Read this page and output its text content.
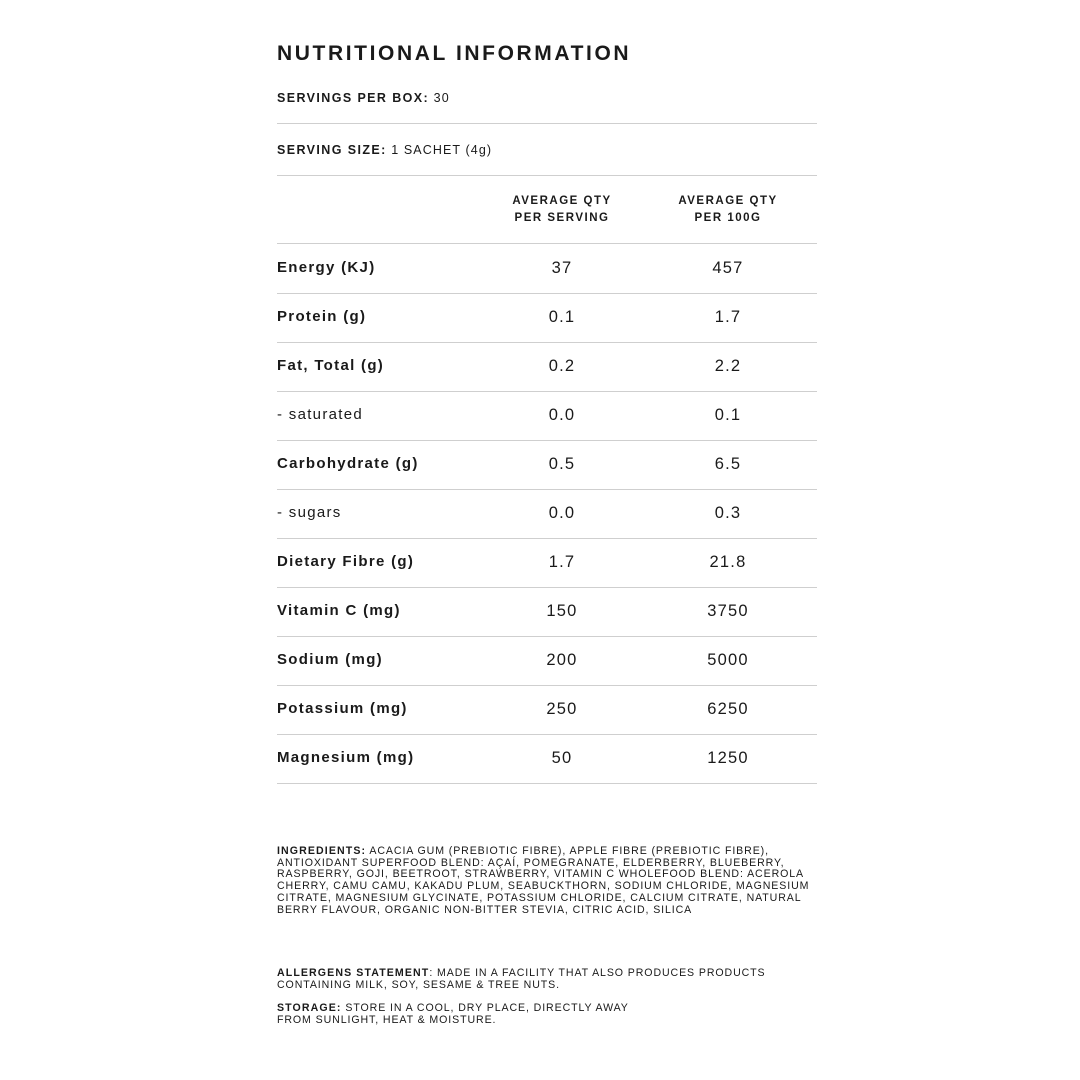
NUTRITIONAL INFORMATION
SERVINGS PER BOX: 30
SERVING SIZE: 1 SACHET (4g)
AVERAGE QTY
PER SERVING
AVERAGE QTY
PER 100G
Energy (KJ)	37	457
Protein (g)	0.1	1.7
Fat, Total (g)	0.2	2.2
- saturated	0.0	0.1
Carbohydrate (g)	0.5	6.5
- sugars	0.0	0.3
Dietary Fibre (g)	1.7	21.8
Vitamin C (mg)	150	3750
Sodium (mg)	200	5000
Potassium (mg)	250	6250
Magnesium (mg)	50	1250
INGREDIENTS: ACACIA GUM (PREBIOTIC FIBRE), APPLE FIBRE (PREBIOTIC FIBRE),
ANTIOXIDANT SUPERFOOD BLEND: AÇAÍ, POMEGRANATE, ELDERBERRY, BLUEBERRY,
RASPBERRY, GOJI, BEETROOT, STRAWBERRY, VITAMIN C WHOLEFOOD BLEND: ACEROLA
CHERRY, CAMU CAMU, KAKADU PLUM, SEABUCKTHORN, SODIUM CHLORIDE, MAGNESIUM
CITRATE, MAGNESIUM GLYCINATE, POTASSIUM CHLORIDE, CALCIUM CITRATE, NATURAL
BERRY FLAVOUR, ORGANIC NON-BITTER STEVIA, CITRIC ACID, SILICA
ALLERGENS STATEMENT: MADE IN A FACILITY THAT ALSO PRODUCES PRODUCTS
CONTAINING MILK, SOY, SESAME & TREE NUTS.
STORAGE: STORE IN A COOL, DRY PLACE, DIRECTLY AWAY
FROM SUNLIGHT, HEAT & MOISTURE.
